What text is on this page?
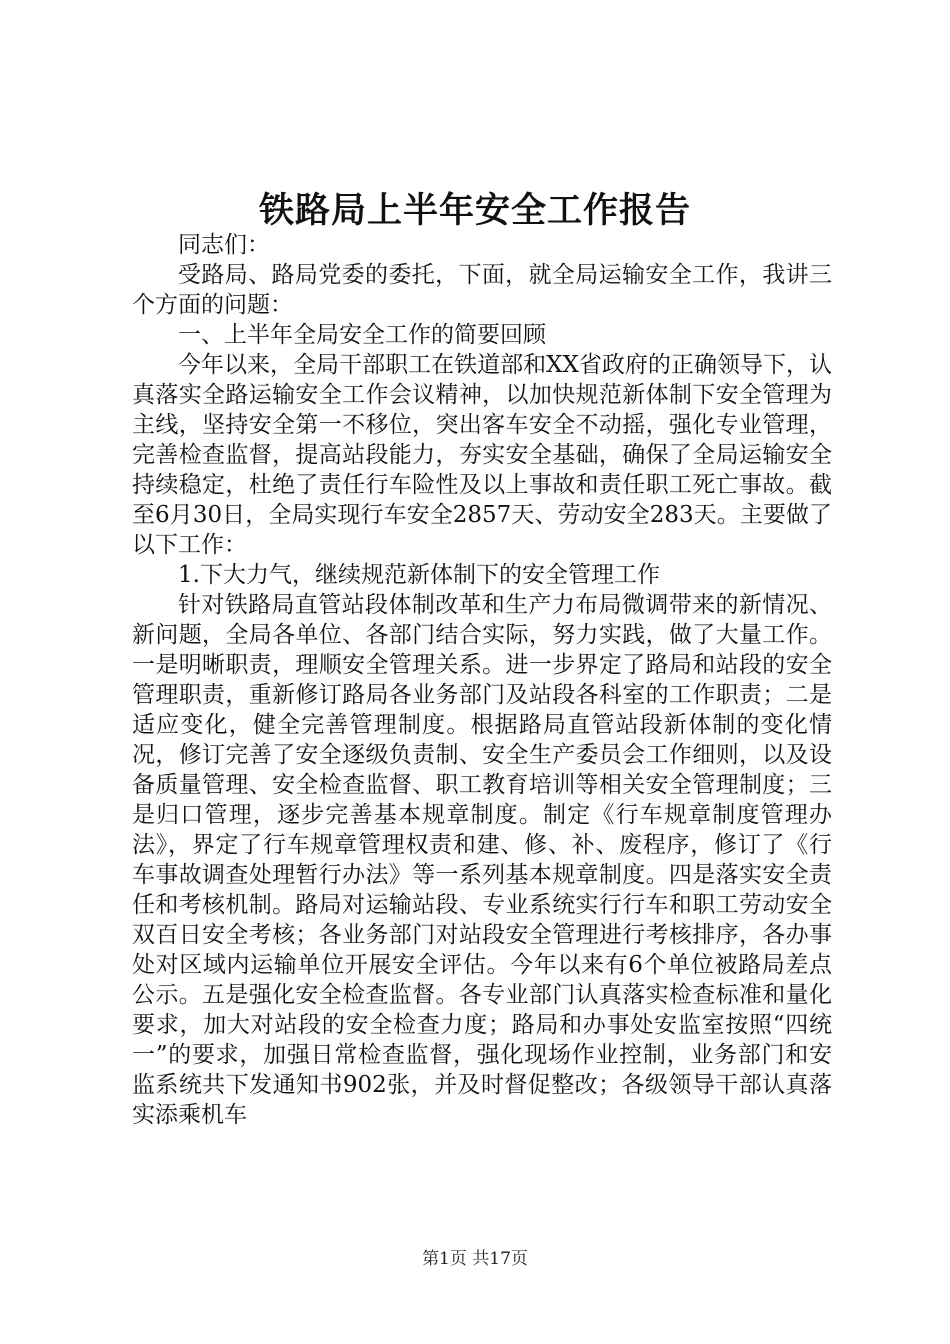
铁路局上半年安全工作报告

同志们：

受路局、路局党委的委托，下面，就全局运输安全工作，我讲三个方面的问题：

一、上半年全局安全工作的简要回顾

今年以来，全局干部职工在铁道部和XX省政府的正确领导下，认真落实全路运输安全工作会议精神，以加快规范新体制下安全管理为主线，坚持安全第一不移位，突出客车安全不动摇，强化专业管理，完善检查监督，提高站段能力，夯实安全基础，确保了全局运输安全持续稳定，杜绝了责任行车险性及以上事故和责任职工死亡事故。截至6月30日，全局实现行车安全2857天、劳动安全283天。主要做了以下工作：

1.下大力气，继续规范新体制下的安全管理工作

针对铁路局直管站段体制改革和生产力布局微调带来的新情况、新问题，全局各单位、各部门结合实际，努力实践，做了大量工作。一是明晰职责，理顺安全管理关系。进一步界定了路局和站段的安全管理职责，重新修订路局各业务部门及站段各科室的工作职责；二是适应变化，健全完善管理制度。根据路局直管站段新体制的变化情况，修订完善了安全逐级负责制、安全生产委员会工作细则，以及设备质量管理、安全检查监督、职工教育培训等相关安全管理制度；三是归口管理，逐步完善基本规章制度。制定《行车规章制度管理办法》，界定了行车规章管理权责和建、修、补、废程序，修订了《行车事故调查处理暂行办法》等一系列基本规章制度。四是落实安全责任和考核机制。路局对运输站段、专业系统实行行车和职工劳动安全双百日安全考核；各业务部门对站段安全管理进行考核排序，各办事处对区域内运输单位开展安全评估。今年以来有6个单位被路局差点公示。五是强化安全检查监督。各专业部门认真落实检查标准和量化要求，加大对站段的安全检查力度；路局和办事处安监室按照“四统一”的要求，加强日常检查监督，强化现场作业控制，业务部门和安监系统共下发通知书902张，并及时督促整改；各级领导干部认真落实添乘机车

第1页 共17页
